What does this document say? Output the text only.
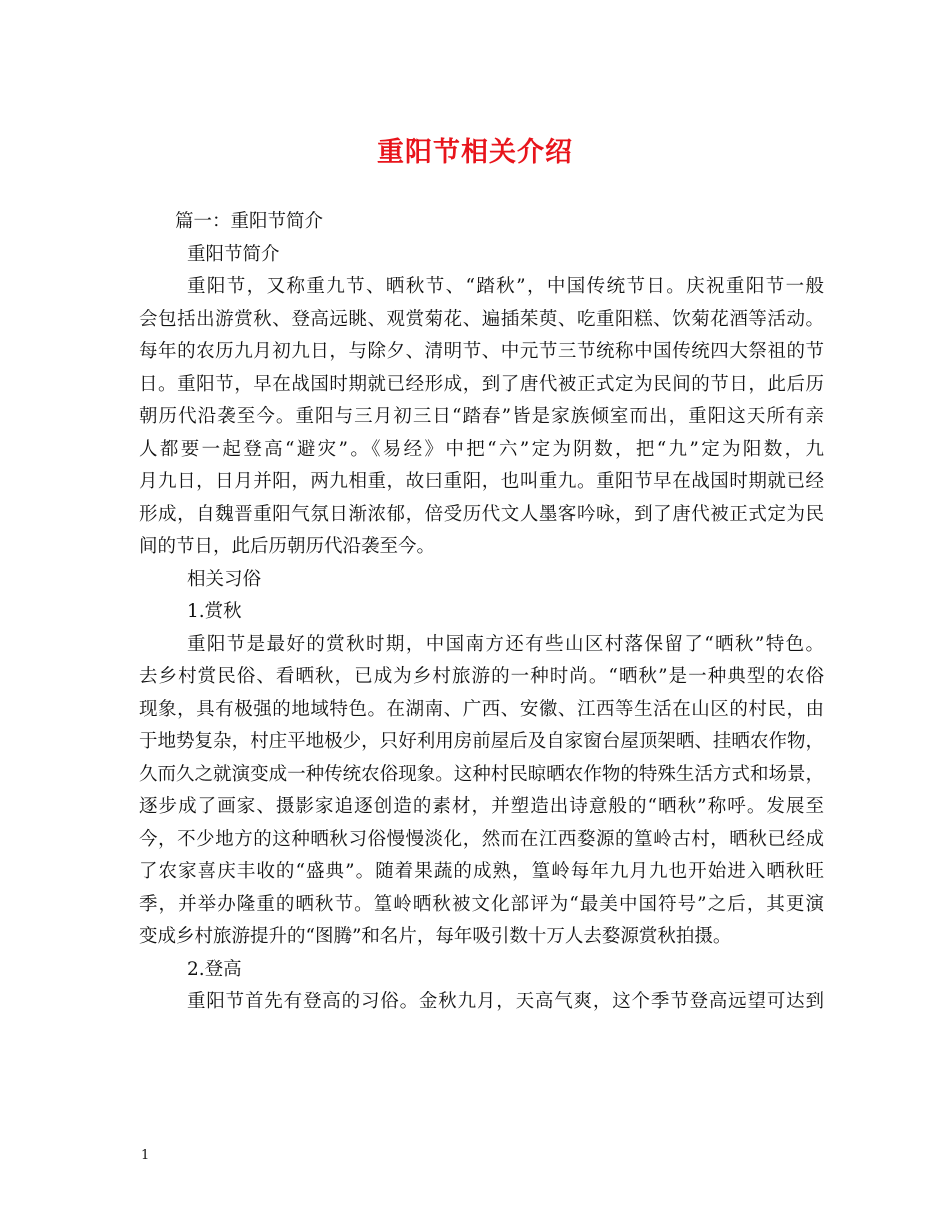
重阳节相关介绍

篇一：重阳节简介

重阳节简介

重阳节，又称重九节、晒秋节、“踏秋”，中国传统节日。庆祝重阳节一般

会包括出游赏秋、登高远眺、观赏菊花、遍插茱萸、吃重阳糕、饮菊花酒等活动。

每年的农历九月初九日，与除夕、清明节、中元节三节统称中国传统四大祭祖的节

日。重阳节，早在战国时期就已经形成，到了唐代被正式定为民间的节日，此后历

朝历代沿袭至今。重阳与三月初三日“踏春”皆是家族倾室而出，重阳这天所有亲

人都要一起登高“避灾”。《易经》中把“六”定为阴数，把“九”定为阳数，九

月九日，日月并阳，两九相重，故曰重阳，也叫重九。重阳节早在战国时期就已经

形成，自魏晋重阳气氛日渐浓郁，倍受历代文人墨客吟咏，到了唐代被正式定为民

间的节日，此后历朝历代沿袭至今。

相关习俗

1.赏秋

重阳节是最好的赏秋时期，中国南方还有些山区村落保留了“晒秋”特色。

去乡村赏民俗、看晒秋，已成为乡村旅游的一种时尚。“晒秋”是一种典型的农俗

现象，具有极强的地域特色。在湖南、广西、安徽、江西等生活在山区的村民，由

于地势复杂，村庄平地极少，只好利用房前屋后及自家窗台屋顶架晒、挂晒农作物，

久而久之就演变成一种传统农俗现象。这种村民晾晒农作物的特殊生活方式和场景，

逐步成了画家、摄影家追逐创造的素材，并塑造出诗意般的“晒秋”称呼。发展至

今，不少地方的这种晒秋习俗慢慢淡化，然而在江西婺源的篁岭古村，晒秋已经成

了农家喜庆丰收的“盛典”。随着果蔬的成熟，篁岭每年九月九也开始进入晒秋旺

季，并举办隆重的晒秋节。篁岭晒秋被文化部评为“最美中国符号”之后，其更演

变成乡村旅游提升的“图腾”和名片，每年吸引数十万人去婺源赏秋拍摄。

2.登高

重阳节首先有登高的习俗。金秋九月，天高气爽，这个季节登高远望可达到

1
